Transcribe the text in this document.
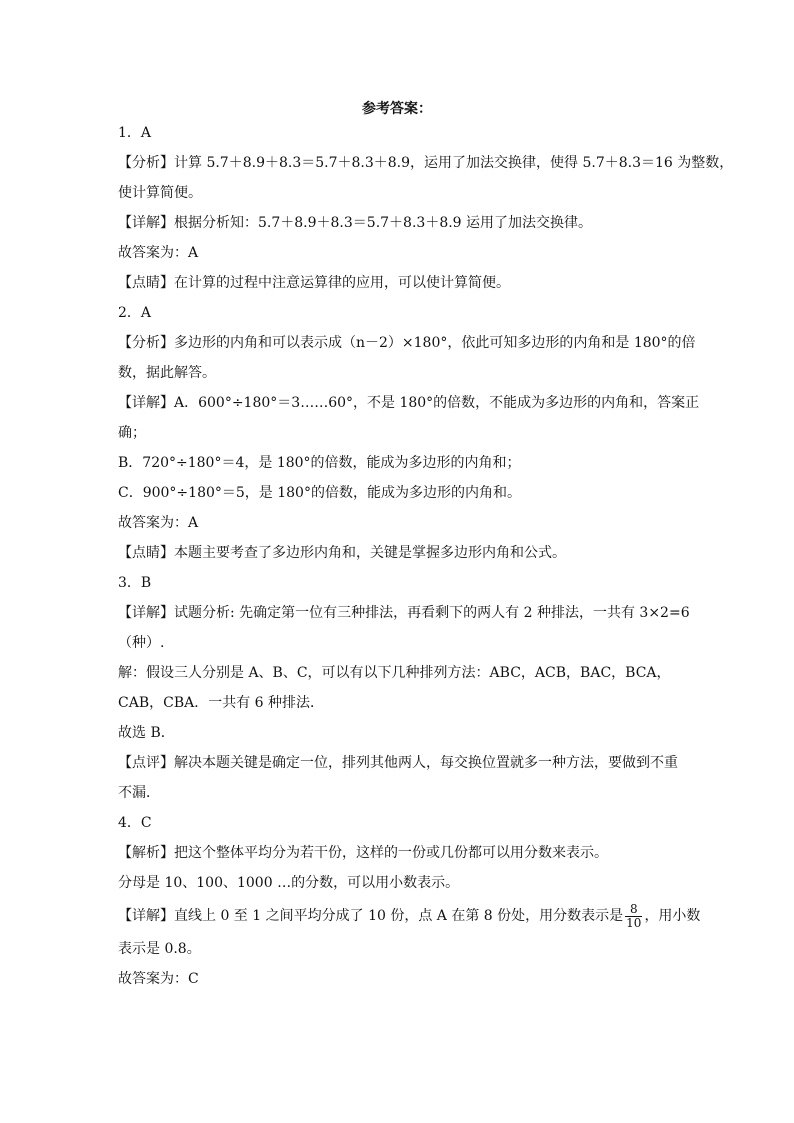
参考答案：
1．A
【分析】计算 5.7＋8.9＋8.3＝5.7＋8.3＋8.9，运用了加法交换律，使得 5.7＋8.3＝16 为整数，
使计算简便。
【详解】根据分析知：5.7＋8.9＋8.3＝5.7＋8.3＋8.9 运用了加法交换律。
故答案为：A
【点睛】在计算的过程中注意运算律的应用，可以使计算简便。
2．A
【分析】多边形的内角和可以表示成（n－2）×180°，依此可知多边形的内角和是 180°的倍
数，据此解答。
【详解】A．600°÷180°＝3……60°，不是 180°的倍数，不能成为多边形的内角和，答案正
确；
B．720°÷180°＝4，是 180°的倍数，能成为多边形的内角和；
C．900°÷180°＝5，是 180°的倍数，能成为多边形的内角和。
故答案为：A
【点睛】本题主要考查了多边形内角和，关键是掌握多边形内角和公式。
3．B
【详解】试题分析: 先确定第一位有三种排法，再看剩下的两人有 2 种排法，一共有 3×2=6
（种）.
解：假设三人分别是 A、B、C，可以有以下几种排列方法：ABC，ACB，BAC，BCA，
CAB，CBA．一共有 6 种排法．
故选 B．
【点评】解决本题关键是确定一位，排列其他两人，每交换位置就多一种方法，要做到不重
不漏．
4．C
【解析】把这个整体平均分为若干份，这样的一份或几份都可以用分数来表示。
分母是 10、100、1000 …的分数，可以用小数表示。
【详解】直线上 0 至 1 之间平均分成了 10 份，点 A 在第 8 份处，用分数表示是 $\frac{8}{10}$ ，用小数
表示是 0.8。
故答案为：C
